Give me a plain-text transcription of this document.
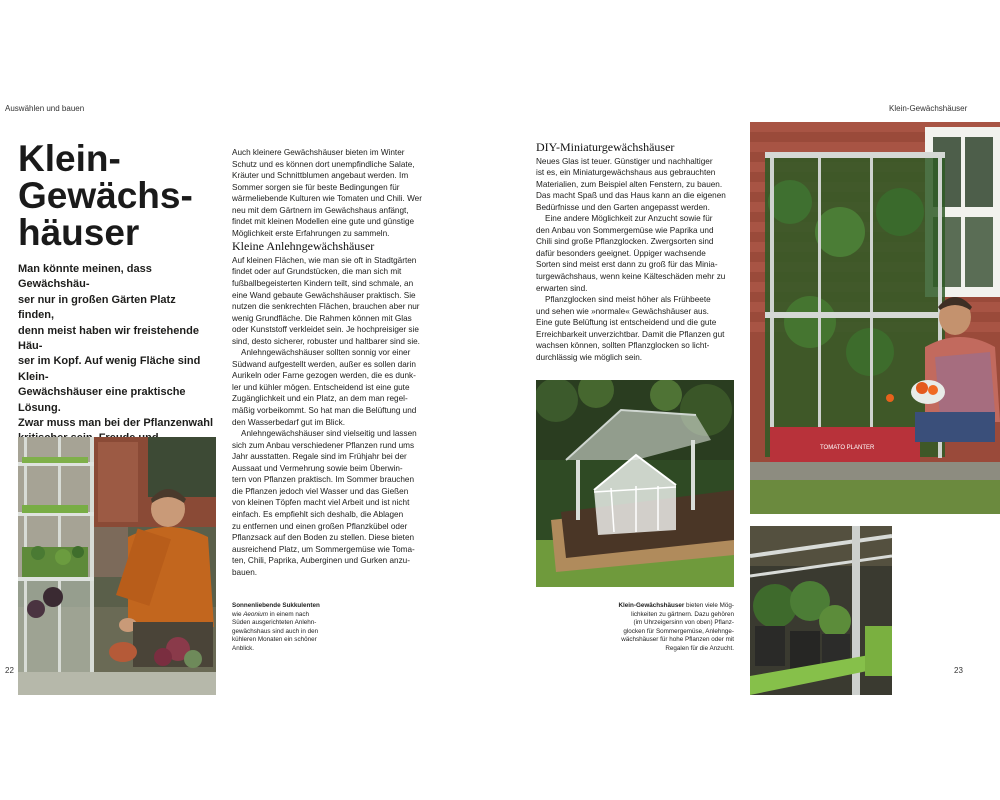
Auswählen und bauen	Klein-Gewächshäuser
Klein-
Gewächs-
häuser
Man könnte meinen, dass Gewächshäu-
ser nur in großen Gärten Platz finden,
denn meist haben wir freistehende Häu-
ser im Kopf. Auf wenig Fläche sind Klein-
Gewächshäuser eine praktische Lösung.
Zwar muss man bei der Pflanzenwahl

Auch kleinere Gewächshäuser bieten im Winter
Schutz und es können dort unempfindliche Salate,
Kräuter und Schnittblumen angebaut werden. Im
Sommer sorgen sie für beste Bedingungen für
wärmeliebende Kulturen wie Tomaten und Chili. Wer
neu mit dem Gärtnern im Gewächshaus anfängt,
findet mit kleinen Modellen eine gute und günstige
Möglichkeit erste Erfahrungen zu sammeln.

Kleine Anlehngewächshäuser

Auf kleinen Flächen, wie man sie oft in Stadtgärten
findet oder auf Grundstücken, die man sich mit
fußballbegeisterten Kindern teilt, sind schmale, an
eine Wand gebaute Gewächshäuser praktisch. Sie
nutzen die senkrechten Flächen, brauchen aber nur
wenig Grundfläche. Die Rahmen können mit Glas
oder Kunststoff verkleidet sein. Je hochpreisiger sie
sind, desto sicherer, robuster und haltbarer sind sie.

Anlehngewächshäuser sollten sonnig vor einer
Südwand aufgestellt werden, außer es sollen darin
Aurikeln oder Farne gezogen werden, die es dunk-
ler und kühler mögen. Entscheidend ist eine gute
Zugänglichkeit und ein Platz, an dem man regel-
mäßig vorbeikommt. So hat man die Belüftung und
den Wasserbedarf gut im Blick.

Anlehngewächshäuser sind vielseitig und lassen
sich zum Anbau verschiedener Pflanzen rund ums
Jahr ausstatten. Regale sind im Frühjahr bei der
Aussaat und Vermehrung sowie beim Überwin-
tern von Pflanzen praktisch. Im Sommer brauchen
die Pflanzen jedoch viel Wasser und das Gießen
von kleinen Töpfen macht viel Arbeit und ist nicht
einfach. Es empfiehlt sich deshalb, die Ablagen
zu entfernen und einen großen Pflanzkübel oder
Pflanzsack auf den Boden zu stellen. Diese bieten
ausreichend Platz, um Sommergemüse wie Toma-
ten, Chili, Paprika, Auberginen und Gurken anzu-
bauen.

Sonnenliebende Sukkulenten
wie Aeonium in einem nach
Süden ausgerichteten Anlehn-
gewächshaus sind auch in den
kühleren Monaten ein schöner
Anblick.
22
DIY-Miniaturgewächshäuser

Neues Glas ist teuer. Günstiger und nachhaltiger
ist es, ein Miniaturgewächshaus aus gebrauchten
Materialien, zum Beispiel alten Fenstern, zu bauen.
Das macht Spaß und das Haus kann an die eigenen
Bedürfnisse und den Garten angepasst werden.

Eine andere Möglichkeit zur Anzucht sowie für
den Anbau von Sommergemüse wie Paprika und
Chili sind große Pflanzglocken. Zwergsorten sind
dafür besonders geeignet. Üppiger wachsende
Sorten sind meist erst dann zu groß für das Minia-
turgewächshaus, wenn keine Kälteschäden mehr zu
erwarten sind.

Pflanzglocken sind meist höher als Frühbeete
und sehen wie »normale« Gewächshäuser aus.
Eine gute Belüftung ist entscheidend und die gute
Erreichbarkeit unverzichtbar. Damit die Pflanzen gut
wachsen können, sollten Pflanzglocken so licht-
durchlässig wie möglich sein.

TOMATO PLANTER
Klein-Gewächshäuser bieten viele Mög-
lichkeiten zu gärtnern. Dazu gehören
(im Uhrzeigersinn von oben) Pflanz-
glocken für Sommergemüse, Anlehnge-
wächshäuser für hohe Pflanzen oder mit
Regalen für die Anzucht.
23
